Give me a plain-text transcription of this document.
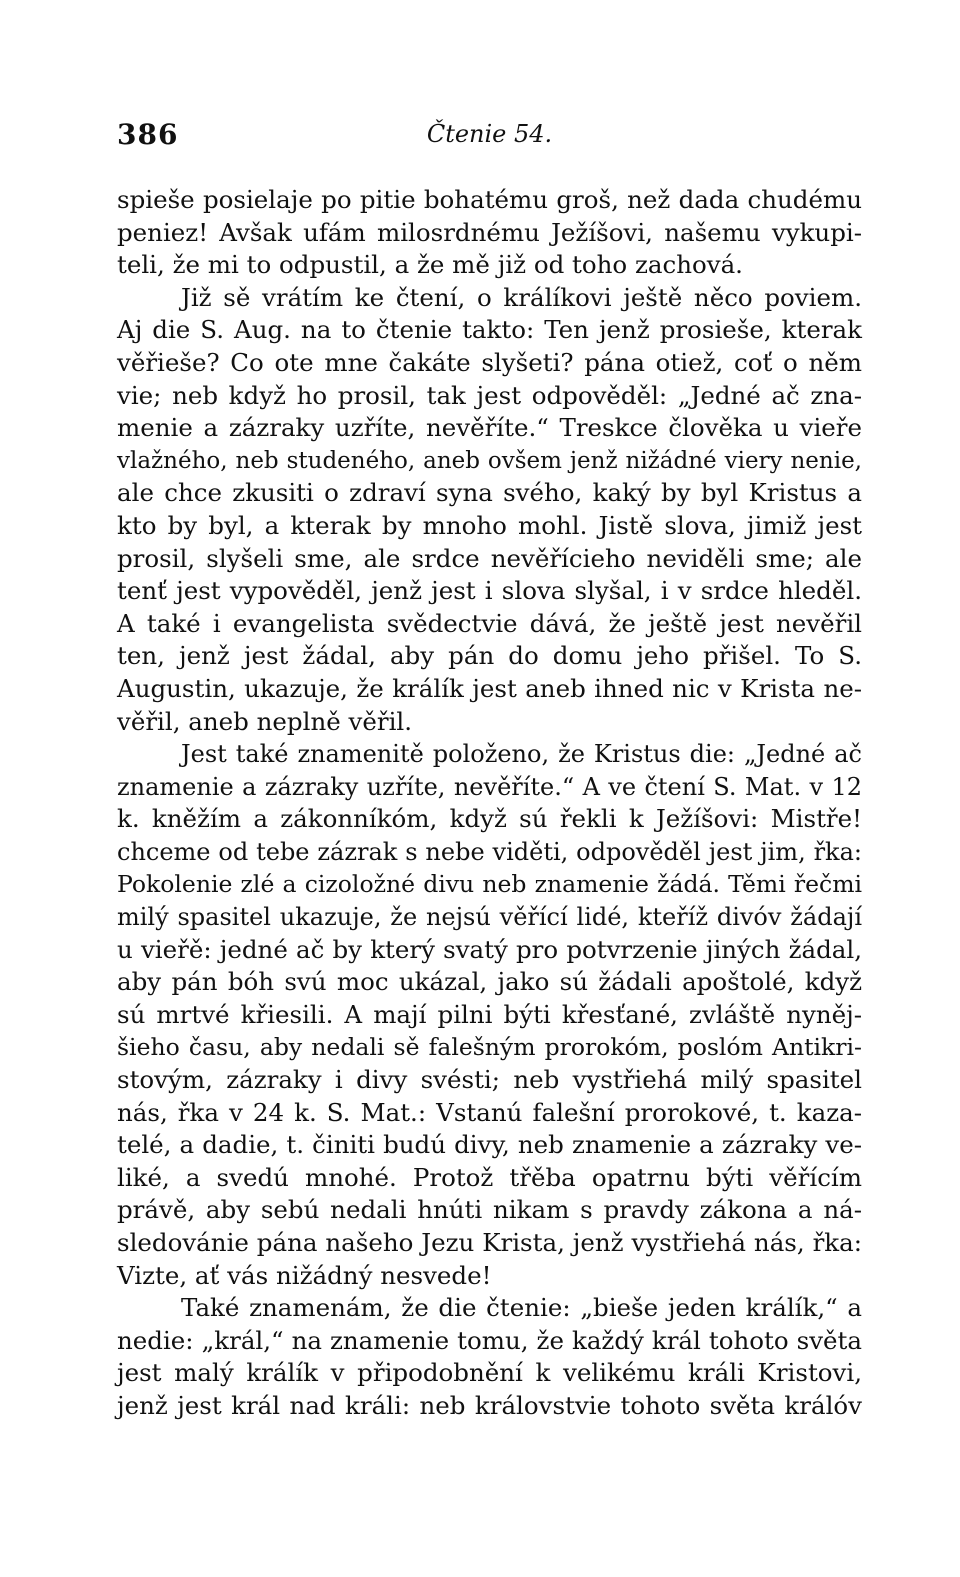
Čtenie 54.
386
spieše posielaje po pitie bohatému groš, než dada chudému
peniez! Avšak ufám milosrdnému Ježíšovi, našemu vykupi-
teli, že mi to odpustil, a že mě již od toho zachová.
Již sě vrátím ke čtení, o králíkovi ještě něco poviem.
Aj die S. Aug. na to čtenie takto: Ten jenž prosieše, kterak
věřieše? Co ote mne čakáte slyšeti? pána otiež, coť o něm
vie; neb když ho prosil, tak jest odpověděl: „Jedné ač zna-
menie a zázraky uzříte, nevěříte.“ Treskce člověka u vieře
vlažného, neb studeného, aneb ovšem jenž nižádné viery nenie,
ale chce zkusiti o zdraví syna svého, kaký by byl Kristus a
kto by byl, a kterak by mnoho mohl. Jistě slova, jimiž jest
prosil, slyšeli sme, ale srdce nevěřícieho neviděli sme; ale
tenť jest vypověděl, jenž jest i slova slyšal, i v srdce hleděl.
A také i evangelista svědectvie dává, že ještě jest nevěřil
ten, jenž jest žádal, aby pán do domu jeho přišel. To S.
Augustin, ukazuje, že králík jest aneb ihned nic v Krista ne-
věřil, aneb neplně věřil.
Jest také znamenitě položeno, že Kristus die: „Jedné ač
znamenie a zázraky uzříte, nevěříte.“ A ve čtení S. Mat. v 12
k. kněžím a zákonníkóm, když sú řekli k Ježíšovi: Mistře!
chceme od tebe zázrak s nebe viděti, odpověděl jest jim, řka:
Pokolenie zlé a cizoložné divu neb znamenie žádá. Těmi řečmi
milý spasitel ukazuje, že nejsú věřící lidé, kteříž divóv žádají
u vieřě: jedné ač by který svatý pro potvrzenie jiných žádal,
aby pán bóh svú moc ukázal, jako sú žádali apoštolé, když
sú mrtvé křiesili. A mají pilni býti křesťané, zvláště nyněj-
šieho času, aby nedali sě falešným prorokóm, poslóm Antikri-
stovým, zázraky i divy svésti; neb vystřiehá milý spasitel
nás, řka v 24 k. S. Mat.: Vstanú falešní prorokové, t. kaza-
telé, a dadie, t. činiti budú divy, neb znamenie a zázraky ve-
liké, a svedú mnohé. Protož třěba opatrnu býti věřícím
právě, aby sebú nedali hnúti nikam s pravdy zákona a ná-
sledovánie pána našeho Jezu Krista, jenž vystřiehá nás, řka:
Vizte, ať vás nižádný nesvede!
Také znamenám, že die čtenie: „bieše jeden králík,“ a
nedie: „král,“ na znamenie tomu, že každý král tohoto světa
jest malý králík v připodobnění k velikému králi Kristovi,
jenž jest král nad králi: neb královstvie tohoto světa králóv
